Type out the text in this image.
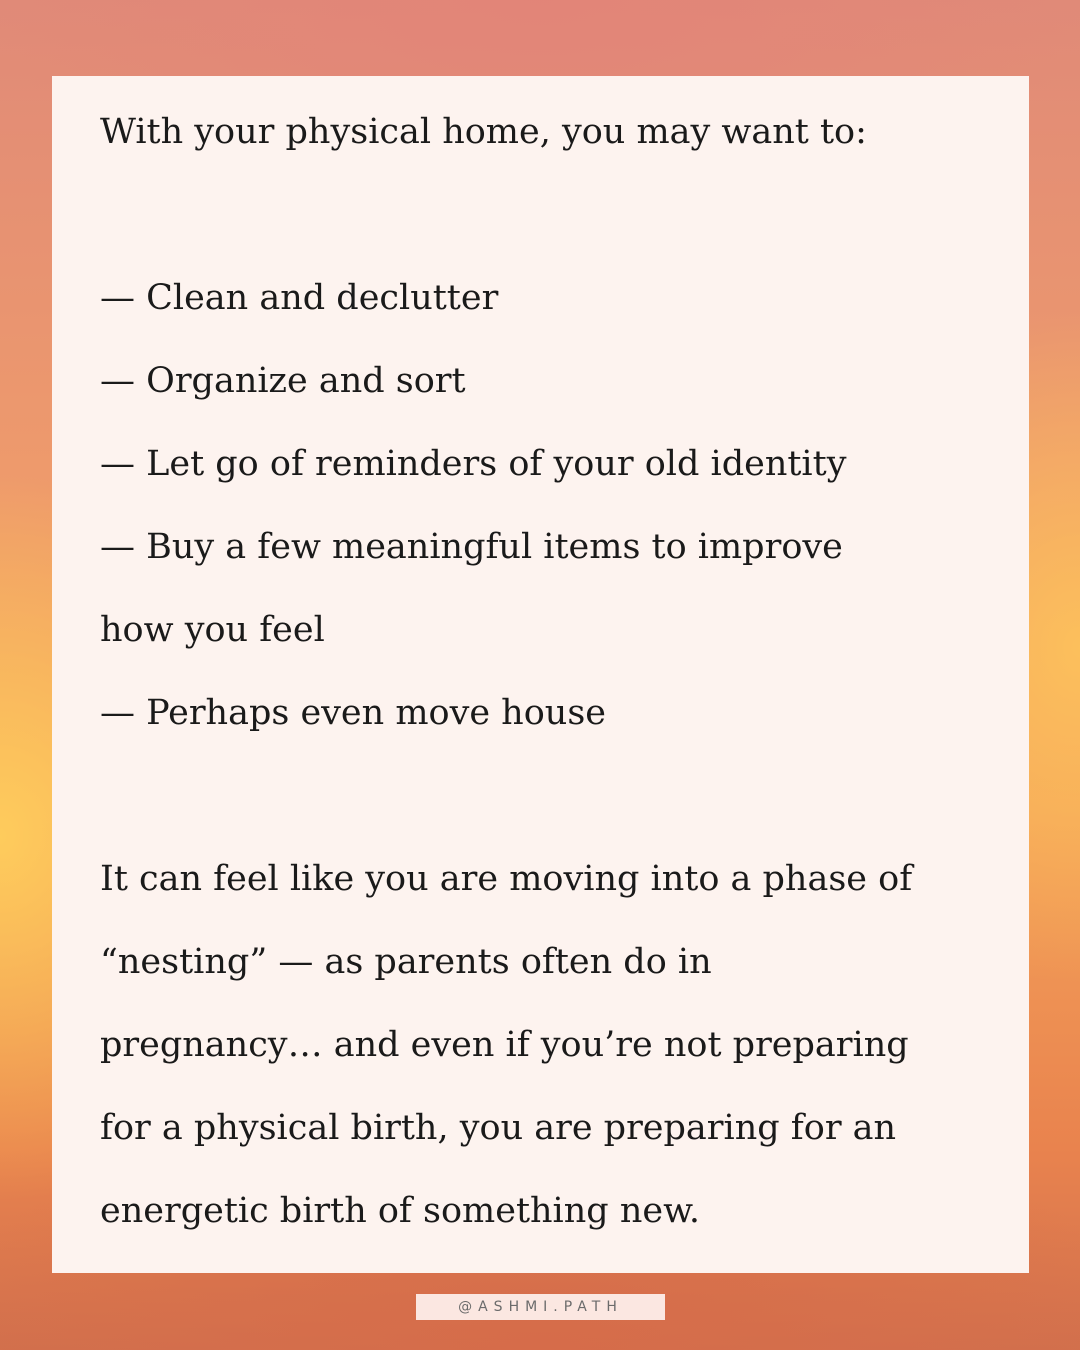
With your physical home, you may want to:

— Clean and declutter

— Organize and sort

— Let go of reminders of your old identity

— Buy a few meaningful items to improve

how you feel

— Perhaps even move house

It can feel like you are moving into a phase of

“nesting” — as parents often do in

pregnancy… and even if you’re not preparing

for a physical birth, you are preparing for an

energetic birth of something new.

@ASHMI.PATH
